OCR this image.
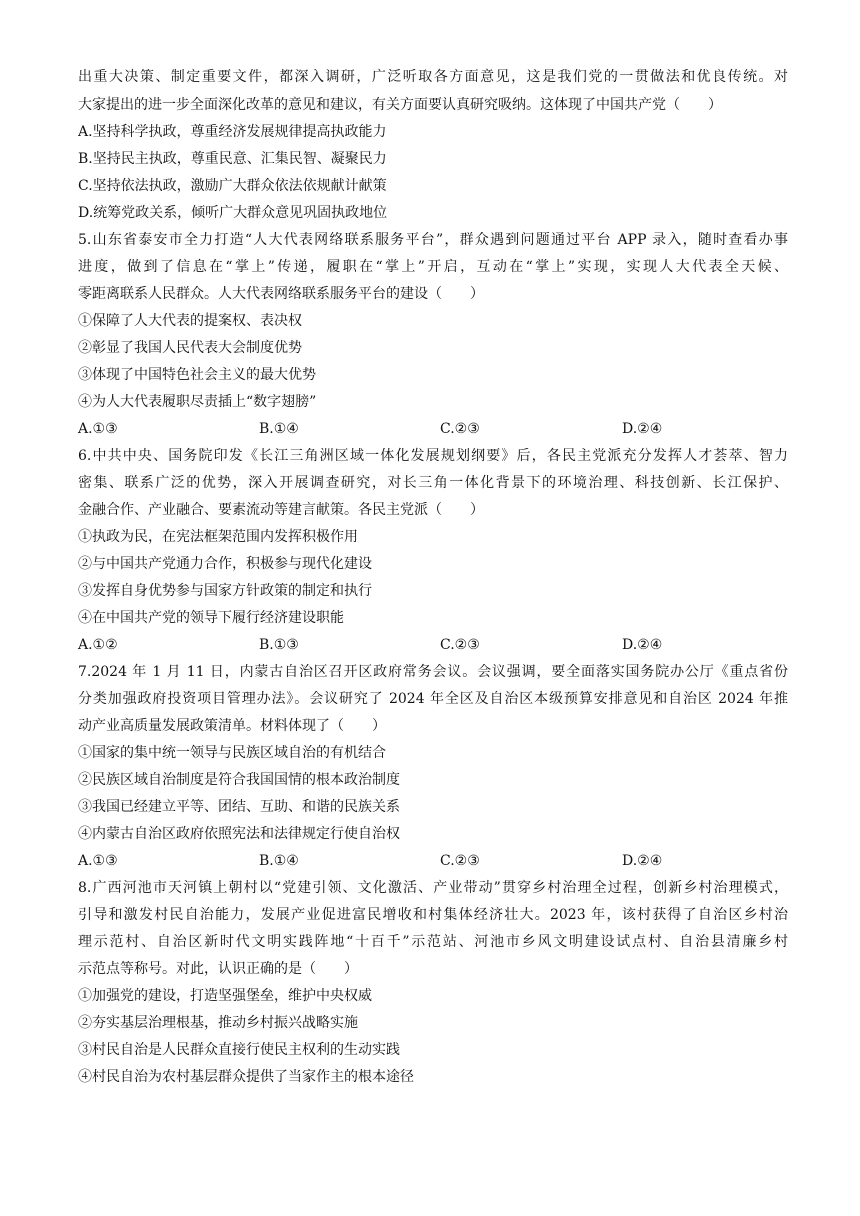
出重大决策、制定重要文件，都深入调研，广泛听取各方面意见，这是我们党的一贯做法和优良传统。对
大家提出的进一步全面深化改革的意见和建议，有关方面要认真研究吸纳。这体现了中国共产党（　　）
A.坚持科学执政，尊重经济发展规律提高执政能力
B.坚持民主执政，尊重民意、汇集民智、凝聚民力
C.坚持依法执政，激励广大群众依法依规献计献策
D.统筹党政关系，倾听广大群众意见巩固执政地位
5.山东省泰安市全力打造“人大代表网络联系服务平台”，群众遇到问题通过平台 APP 录入，随时查看办事
进度，做到了信息在“掌上”传递，履职在“掌上”开启，互动在“掌上”实现，实现人大代表全天候、
零距离联系人民群众。人大代表网络联系服务平台的建设（　　）
①保障了人大代表的提案权、表决权
②彰显了我国人民代表大会制度优势
③体现了中国特色社会主义的最大优势
④为人大代表履职尽责插上“数字翅膀”
A.①③	B.①④	C.②③	D.②④
6.中共中央、国务院印发《长江三角洲区域一体化发展规划纲要》后，各民主党派充分发挥人才荟萃、智力
密集、联系广泛的优势，深入开展调查研究，对长三角一体化背景下的环境治理、科技创新、长江保护、
金融合作、产业融合、要素流动等建言献策。各民主党派（　　）
①执政为民，在宪法框架范围内发挥积极作用
②与中国共产党通力合作，积极参与现代化建设
③发挥自身优势参与国家方针政策的制定和执行
④在中国共产党的领导下履行经济建设职能
A.①②	B.①③	C.②③	D.②④
7.2024 年 1 月 11 日，内蒙古自治区召开区政府常务会议。会议强调，要全面落实国务院办公厅《重点省份
分类加强政府投资项目管理办法》。会议研究了 2024 年全区及自治区本级预算安排意见和自治区 2024 年推
动产业高质量发展政策清单。材料体现了（　　）
①国家的集中统一领导与民族区域自治的有机结合
②民族区域自治制度是符合我国国情的根本政治制度
③我国已经建立平等、团结、互助、和谐的民族关系
④内蒙古自治区政府依照宪法和法律规定行使自治权
A.①③	B.①④	C.②③	D.②④
8.广西河池市天河镇上朝村以“党建引领、文化激活、产业带动”贯穿乡村治理全过程，创新乡村治理模式，
引导和激发村民自治能力，发展产业促进富民增收和村集体经济壮大。2023 年，该村获得了自治区乡村治
理示范村、自治区新时代文明实践阵地“十百千”示范站、河池市乡风文明建设试点村、自治县清廉乡村
示范点等称号。对此，认识正确的是（　　）
①加强党的建设，打造坚强堡垒，维护中央权威
②夯实基层治理根基，推动乡村振兴战略实施
③村民自治是人民群众直接行使民主权利的生动实践
④村民自治为农村基层群众提供了当家作主的根本途径
